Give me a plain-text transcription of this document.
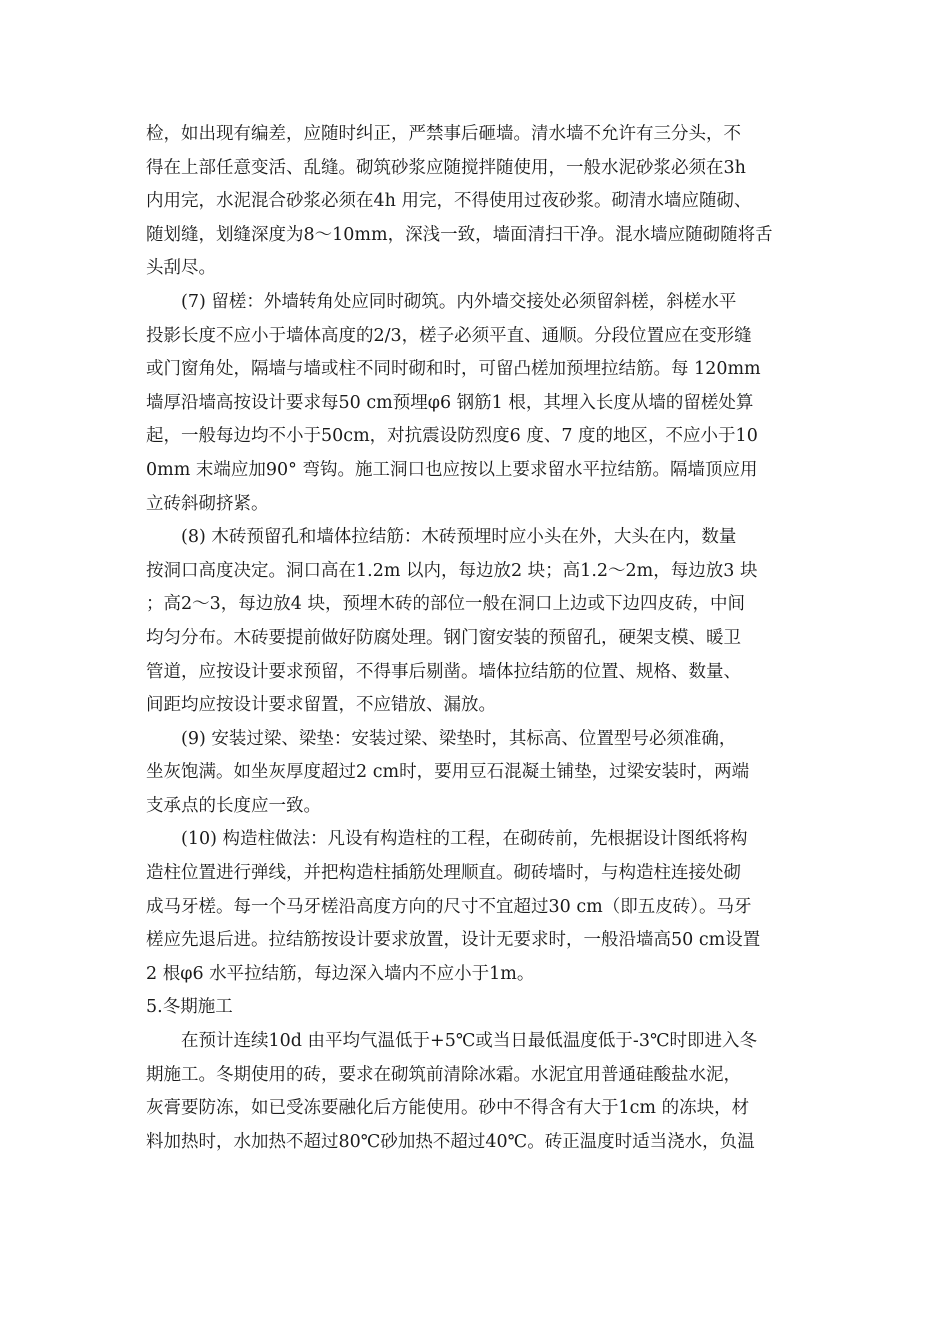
检，如出现有编差，应随时纠正，严禁事后砸墙。清水墙不允许有三分头，不
得在上部任意变活、乱缝。砌筑砂浆应随搅拌随使用，一般水泥砂浆必须在3h
内用完，水泥混合砂浆必须在4h 用完，不得使用过夜砂浆。砌清水墙应随砌、
随划缝，划缝深度为8～10mm，深浅一致，墙面清扫干净。混水墙应随砌随将舌
头刮尽。
(7) 留槎：外墙转角处应同时砌筑。内外墙交接处必须留斜槎，斜槎水平
投影长度不应小于墙体高度的2/3，槎子必须平直、通顺。分段位置应在变形缝
或门窗角处，隔墙与墙或柱不同时砌和时，可留凸槎加预埋拉结筋。每 120mm
墙厚沿墙高按设计要求每50 cm预埋φ6 钢筋1 根，其埋入长度从墙的留槎处算
起，一般每边均不小于50cm，对抗震设防烈度6 度、7 度的地区，不应小于10
0mm 末端应加90° 弯钩。施工洞口也应按以上要求留水平拉结筋。隔墙顶应用
立砖斜砌挤紧。
(8) 木砖预留孔和墙体拉结筋：木砖预埋时应小头在外，大头在内，数量
按洞口高度决定。洞口高在1.2m 以内，每边放2 块；高1.2～2m，每边放3 块
；高2～3，每边放4 块，预埋木砖的部位一般在洞口上边或下边四皮砖，中间
均匀分布。木砖要提前做好防腐处理。钢门窗安装的预留孔，硬架支模、暖卫
管道，应按设计要求预留，不得事后剔凿。墙体拉结筋的位置、规格、数量、
间距均应按设计要求留置，不应错放、漏放。
(9) 安装过梁、梁垫：安装过梁、梁垫时，其标高、位置型号必须准确，
坐灰饱满。如坐灰厚度超过2 cm时，要用豆石混凝土铺垫，过梁安装时，两端
支承点的长度应一致。
(10) 构造柱做法：凡设有构造柱的工程，在砌砖前，先根据设计图纸将构
造柱位置进行弹线，并把构造柱插筋处理顺直。砌砖墙时，与构造柱连接处砌
成马牙槎。每一个马牙槎沿高度方向的尺寸不宜超过30 cm（即五皮砖）。马牙
槎应先退后进。拉结筋按设计要求放置，设计无要求时，一般沿墙高50 cm设置
2 根φ6 水平拉结筋，每边深入墙内不应小于1m。
5.冬期施工
在预计连续10d 由平均气温低于+5℃或当日最低温度低于-3℃时即进入冬
期施工。冬期使用的砖，要求在砌筑前清除冰霜。水泥宜用普通硅酸盐水泥，
灰膏要防冻，如已受冻要融化后方能使用。砂中不得含有大于1cm 的冻块，材
料加热时，水加热不超过80℃砂加热不超过40℃。砖正温度时适当浇水，负温
